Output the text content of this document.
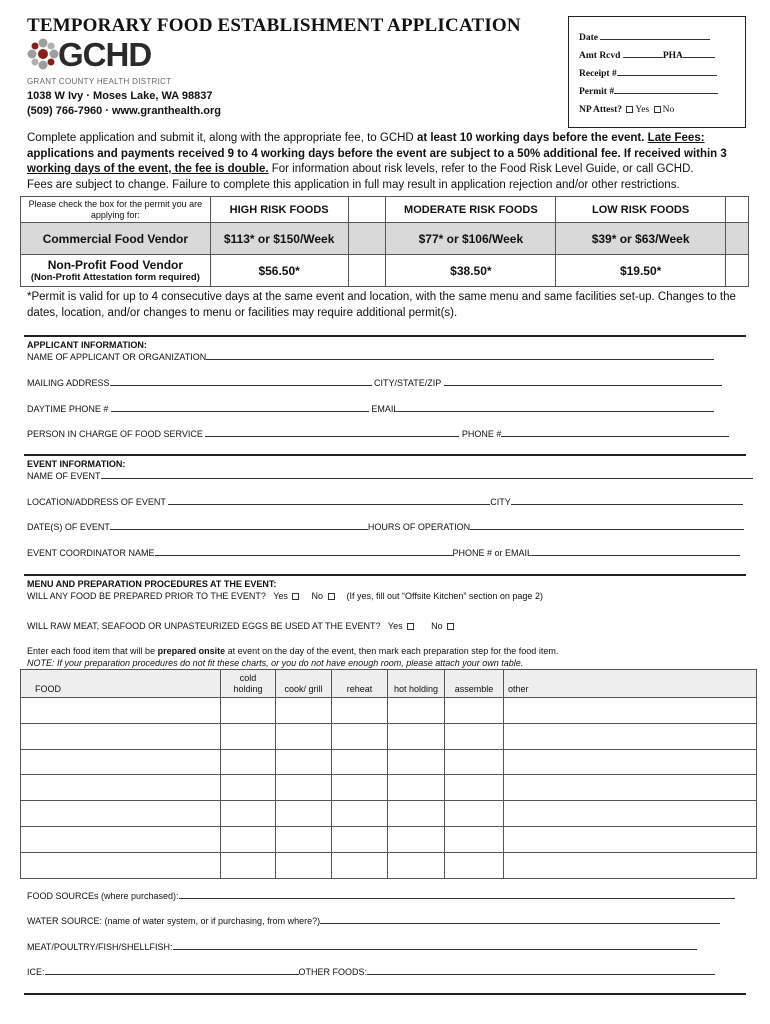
TEMPORARY FOOD ESTABLISHMENT APPLICATION
GCHD
GRANT COUNTY HEALTH DISTRICT
1038 W Ivy · Moses Lake, WA 98837
(509) 766-7960 · www.granthealth.org
Date
Amt Rcvd	PHA
Receipt #
Permit #
NP Attest? Yes No
Complete application and submit it, along with the appropriate fee, to GCHD at least 10 working days before the event. Late Fees:
applications and payments received 9 to 4 working days before the event are subject to a 50% additional fee. If received within 3
working days of the event, the fee is double. For information about risk levels, refer to the Food Risk Level Guide, or call GCHD.
Fees are subject to change. Failure to complete this application in full may result in application rejection and/or other restrictions.
Please check the box for the permit you are applying for:	HIGH RISK FOODS		MODERATE RISK FOODS	LOW RISK FOODS	
Commercial Food Vendor	$113* or $150/Week		$77* or $106/Week	$39* or $63/Week	
Non-Profit Food Vendor
(Non-Profit Attestation form required)	$56.50*		$38.50*	$19.50*	
*Permit is valid for up to 4 consecutive days at the same event and location, with the same menu and same facilities set-up. Changes to the dates, location, and/or changes to menu or facilities may require additional permit(s).
APPLICANT INFORMATION:
NAME OF APPLICANT OR ORGANIZATION
MAILING ADDRESS	CITY/STATE/ZIP
DAYTIME PHONE #	EMAIL
PERSON IN CHARGE OF FOOD SERVICE	PHONE #
EVENT INFORMATION:
NAME OF EVENT
LOCATION/ADDRESS OF EVENT	CITY
DATE(S) OF EVENT	HOURS OF OPERATION
EVENT COORDINATOR NAME	PHONE # or EMAIL
MENU AND PREPARATION PROCEDURES AT THE EVENT:
WILL ANY FOOD BE PREPARED PRIOR TO THE EVENT? Yes	No	(If yes, fill out “Offsite Kitchen” section on page 2)
WILL RAW MEAT, SEAFOOD OR UNPASTEURIZED EGGS BE USED AT THE EVENT? Yes	No
Enter each food item that will be prepared onsite at event on the day of the event, then mark each preparation step for the food item.
NOTE: If your preparation procedures do not fit these charts, or you do not have enough room, please attach your own table.
FOOD	cold holding	cook/ grill	reheat	hot holding	assemble	other

FOOD SOURCEs (where purchased):
WATER SOURCE: (name of water system, or if purchasing, from where?)
MEAT/POULTRY/FISH/SHELLFISH:
ICE:	OTHER FOODS:
